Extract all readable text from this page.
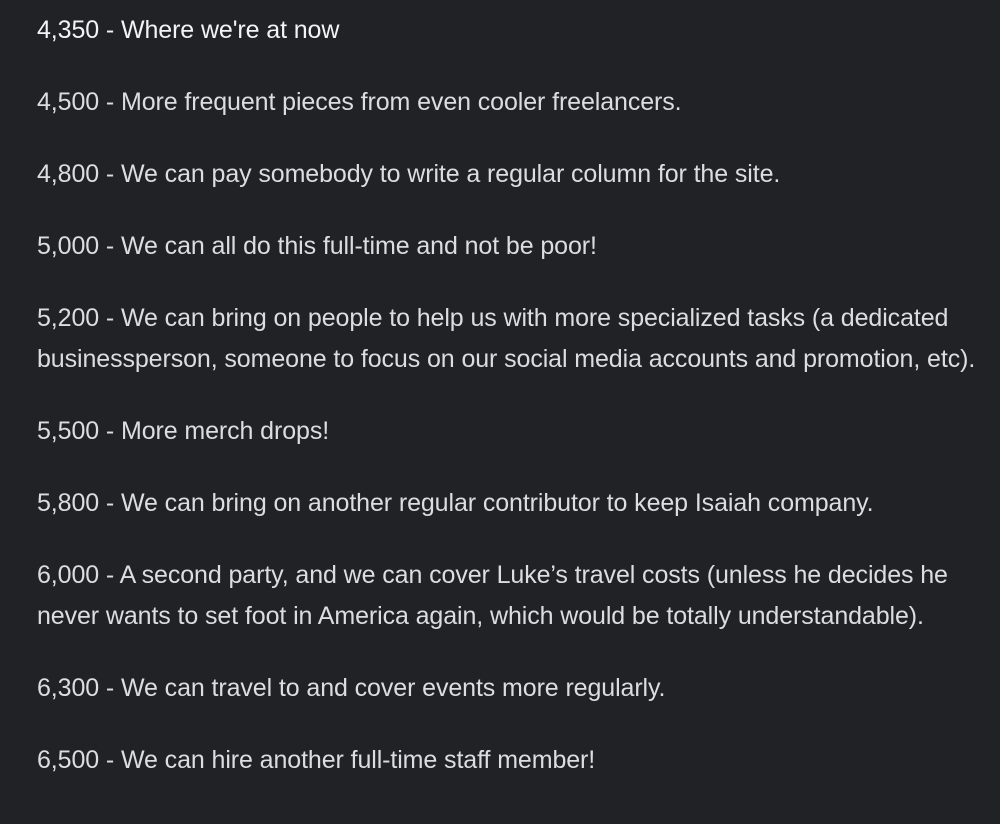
4,350 - Where we're at now

4,500 - More frequent pieces from even cooler freelancers.

4,800 - We can pay somebody to write a regular column for the site.

5,000 - We can all do this full-time and not be poor!

5,200 - We can bring on people to help us with more specialized tasks (a dedicated businessperson, someone to focus on our social media accounts and promotion, etc).

5,500 - More merch drops!

5,800 - We can bring on another regular contributor to keep Isaiah company.

6,000 - A second party, and we can cover Luke’s travel costs (unless he decides he never wants to set foot in America again, which would be totally understandable).

6,300 - We can travel to and cover events more regularly.

6,500 - We can hire another full-time staff member!
